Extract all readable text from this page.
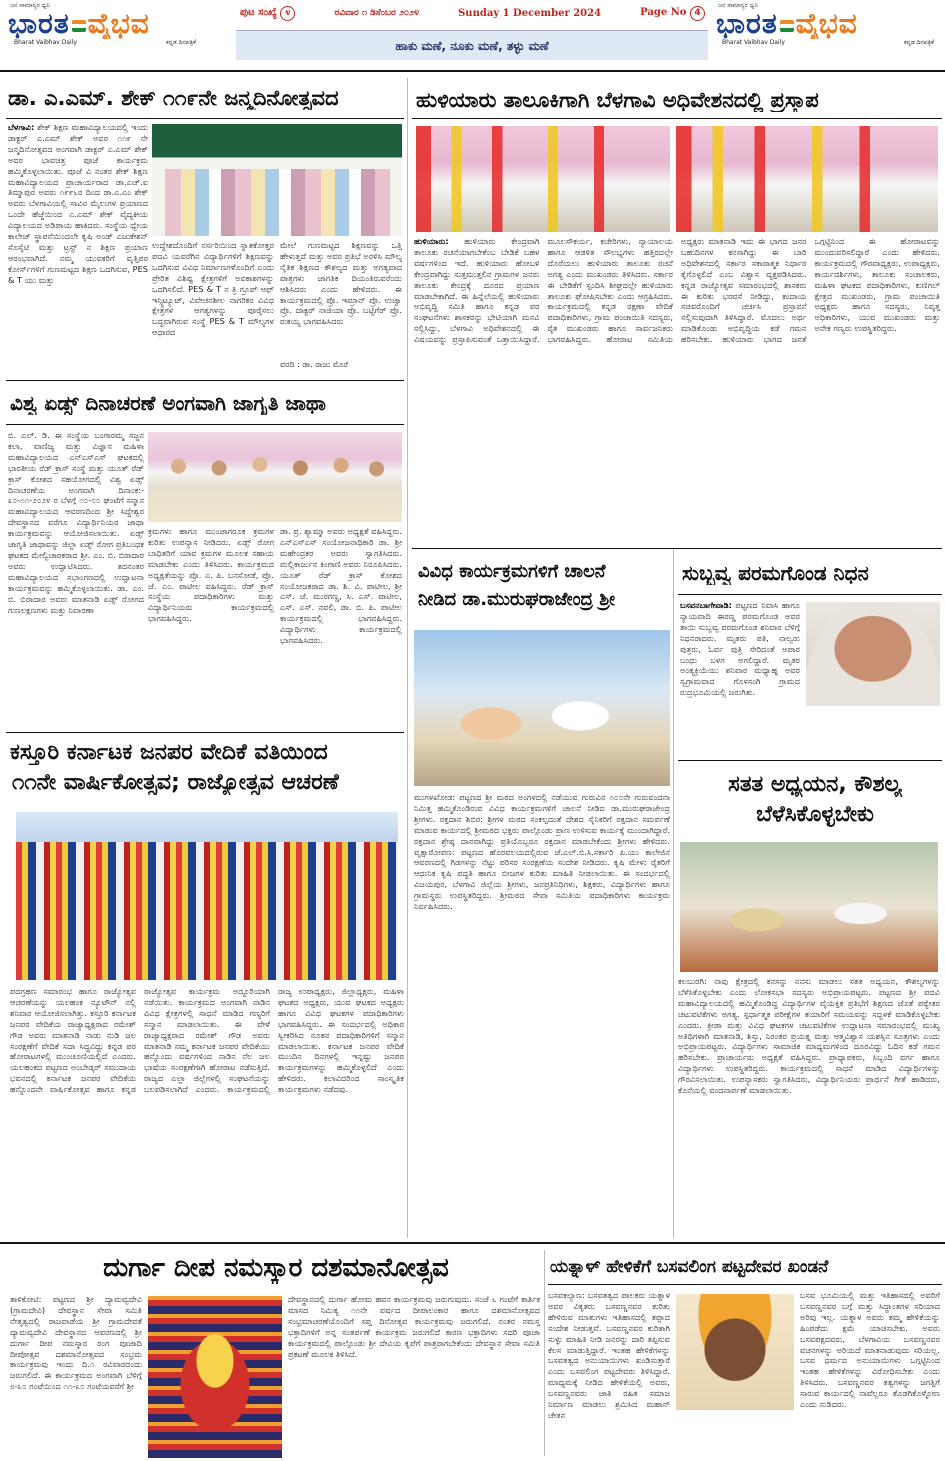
ಜನ ಸಾಮಾನ್ಯರ ಧ್ವನಿ
ಭಾರತ ವೈಭವ
Bharat Vaibhav Daily	ಕನ್ನಡ ದಿನಪತ್ರಿಕೆ
ಪುಟ ಸಂಖ್ಯೆ ೪	ರವಿವಾರ ೧ ಡಿಸೆಂಬರ ೨೦೨೪	Sunday 1 December 2024	Page No 4
ಹಾಕು ಮಣೆ, ನೂಕು ಮಣೆ, ತಳ್ಳು ಮಣೆ
ಜನ ಸಾಮಾನ್ಯರ ಧ್ವನಿ
ಭಾರತ ವೈಭವ
Bharat Vaibhav Daily	ಕನ್ನಡ ದಿನಪತ್ರಿಕೆ
ಡಾ. ಎ.ಎಮ್. ಶೇಕ್ ೧೧೯ನೇ ಜನ್ಮದಿನೋತ್ಸವದ
ಬೆಳಗಾವಿ: ಶೇಕ್ ಶಿಕ್ಷಣ ಮಹಾವಿದ್ಯಾಲಯದಲ್ಲಿ ಇಂದು ಡಾಕ್ಟರ್ ಎ.ಎಮ್ ಶೇಕ್ ಅವರ ೧೧೯ ನೇ ಜನ್ಮದಿನೋತ್ಸವದ ಅಂಗವಾಗಿ ಡಾಕ್ಟರ್ ಎ.ಎಮ್ ಶೇಕ್ ಅವರ ಭಾವಚಿತ್ರ ಪೂಜೆ ಕಾರ್ಯಕ್ರಮ ಹಮ್ಮಿಕೊಳ್ಳಲಾಯಿತು. ಪೂಜೆ ವಿ ನಂತರ ಶೇಕ್ ಶಿಕ್ಷಣ ಮಹಾವಿದ್ಯಾಲಯದ ಪ್ರಾಚಾರ್ಯರಾದ ಡಾ.ಎಚ್.ಐ ತಿಮ್ಮಾಪುರ ಅವರು ೧೯೯೬ರ ದಿಂದ ಡಾ.ಎ.ಎಂ ಶೇಕ್ ಅವರು ಬೆಳಗಾವಿಯಲ್ಲಿ ಸಾವಿರ ಮೈಲುಗಳ ಪ್ರಯಾಣದ ಒಂದೇ ಹೆಜ್ಜೆಯಿಂದ ಎ.ಎಮ್ ಶೇಕ್ ವೈದ್ಯಕೀಯ ವಿದ್ಯಾಲಯದ ಅಡಿಪಾಯ ಹಾಕಿದರು. ಸಂಸ್ಥೆಯ ಧ್ಯೇಯ ಕಾಲೇಜ್ ಸ್ಥಾಪನೆಯಿಂದಲೇ ಕೃಷಿ ಅಂಡ್ ಎಜುಕೇಶನ್ ಸೊಸೈಟಿ ಮತ್ತು ಟ್ರಸ್ಟ್ ನ ಶಿಕ್ಷಣ ಪ್ರಯಾಣ ಆರಂಭವಾಗಿದೆ. ನಮ್ಮ ಯುವಕರಿಗೆ ವೃತ್ತಿಪರ ಕೋರ್ಸ್‌ಗಳಿಗೆ ಗುಣಮಟ್ಟದ ಶಿಕ್ಷಣ ಒದಗಿಸುವ, PES & T ಯು ಮತ್ತು
ಉದ್ದೇಶದೊಂದಿಗೆ ನರ್ಸರಿಯಿಂದ ಸ್ನಾತಕೋತ್ತರ ಪದವಿ ಯವರೆಗಿನ ವಿದ್ಯಾರ್ಥಿಗಳಿಗೆ ಶಿಕ್ಷಣವನ್ನು ಒದಗಿಸುವ ವಿವಿಧ ನಿರ್ಮಾಣಗಳೊಂದಿಗೆ ಎಂದು ಪ್ರೇರಿತ ವಿಶಿಷ್ಟ ಕ್ಷೇತ್ರಗಳಿಗೆ ಅವಕಾಶಗಳನ್ನು ಒದಗಿಸಲಿದೆ. PES & T ನ ತ್ರಿ ಗ್ರೂಪ್ ಆಫ್ ಇನ್ಸ್ಟಿಟ್ಯೂಟ್, ವಿವೇಚನಶೀಲ ನಾಗರಿಕರ ವಿವಿಧ ಕ್ಷೇತ್ರಗಳ ಆಗತ್ಯಗಳನ್ನು ಪೂರೈಸಲು ಬದ್ಧವಾಗಿರುವ ಸಂಸ್ಥೆ PES & T ಮೌಲ್ಯಗಳ ಆಧಾರದ
ಮೇಲೆ ಗುಣಮಟ್ಟದ ಶಿಕ್ಷಣವನ್ನು ಒತ್ತಿ ಹೇಳುತ್ತದೆ ಮತ್ತು ಅವರ ಪ್ರತಿಭೆ ಅರಳಿಸಿ ಮೌಲ್ಯ ನೈತಿಕ ಶಿಕ್ಷಣದ ಕೌಶಲ್ಯದ ಮತ್ತು ಅಗತ್ಯವಾದ ಪಾತ್ರಗಳು ಜಾಗತಿಕ ದಿಯಂತಿರುವರೆಂದು ಆಶಿಸಿದರು ಎಂದು ಹೇಳಿದರು. ಈ ಕಾರ್ಯಕ್ರಮದಲ್ಲಿ ಪ್ರೊ. ಇಮ್ರಾನ್ ಪ್ರೊ. ಉಜ್ವಾ ಪ್ರೊ. ದಾಕ್ಟರ್ ನಾಜಿಯಾ ಪ್ರೊ. ಬಟ್ಟಿಗೆರ್ ಪ್ರೊ. ರುಕಯ್ಯ ಭಾಗವಹಿಸಿದರು
ವರದಿ : ಡಾ. ರಾಜು ಮೊರೆ
ವಿಶ್ವ ಏಡ್ಸ್ ದಿನಾಚರಣೆ ಅಂಗವಾಗಿ ಜಾಗೃತಿ ಜಾಥಾ
ಬಿ. ಎಲ್. ಡಿ. ಈ ಸಂಸ್ಥೆಯ ಬಂಗಾರಮ್ಮ ಸಜ್ಜನ ಕಲಾ, ವಾಣಿಜ್ಯ ಮತ್ತು ವಿಜ್ಞಾನ ಮಹಿಳಾ ಮಹಾವಿದ್ಯಾಲಯದ ಎನ್ಎಸ್ಎಸ್ ಘಟಕದಲ್ಲಿ ಭಾರತೀಯ ರೆಡ್ ಕ್ರಾಸ್ ಸಂಸ್ಥೆ ಮತ್ತು ಯೂತ್ ರೆಡ್ ಕ್ರಾಸ್ ಕೋಶದ ಸಹಯೋಗದಲ್ಲಿ ವಿಶ್ವ ಏಡ್ಸ್ ದಿನಾಚರಣೆಯ ಅಂಗವಾಗಿ ದಿನಾಂಕ:- ೩೦-೧೧-೨೦೨೪ ರ ಬೆಳಗ್ಗೆ ೧೦-೦೦ ಘಂಟೆಗೆ ಸನ್ಮಾನ ಮಹಾವಿದ್ಯಾಲಯದ ಆವರಣದಿಂದ ಶ್ರೀ ಸಿದ್ದೇಶ್ವರ ದೇವಸ್ಥಾನದ ವರೆಗೂ ವಿದ್ಯಾರ್ಥಿನಿಯರ ಜಾಥಾ ಕಾರ್ಯಕ್ರಮವನ್ನು ಆಯೋಜಿಸಲಾಯಿತು. ಏಡ್ಸ್ ಜಾಗೃತಿ ಜಾಥಾವನ್ನು ಜಿಲ್ಲಾ ಏಡ್ಸ್ ರೋಗ ಪ್ರತಿಬಂಧಕ ಘಟಕದ ಮೇಲ್ವಿಚಾರಕರಾದ ಶ್ರೀ. ಎಂ. ಬಿ. ಬಿರಾದಾರ ಅವರು ಉದ್ಘಾಟಿಸಿದರು. ತದನಂತರ ಮಹಾವಿದ್ಯಾಲಯದ ಸಭಾಂಗಣದಲ್ಲಿ ಉದ್ಘಾಟನಾ ಕಾರ್ಯಕ್ರಮವನ್ನು ಹಮ್ಮಿಕೊಳ್ಳಲಾಯಿತು. ಡಾ. ಎಂ. ಬಿ. ಬಿರಾದಾರ ಅವರು ಮಾತನಾಡಿ ಏಡ್ಸ್ ರೋಗದ ಗುಣಲಕ್ಷಣಗಳು ಮತ್ತು ನಿವಾರಣಾ
ಕ್ರಮಗಳು ಹಾಗೂ ಮುಂಜಾಗರೂಕ ಕ್ರಮಗಳ ಕುರಿತು ಉಪನ್ಯಾಸ ನೀಡಿದರು. ಏಡ್ಸ್ ರೋಗ ಬಾಧಿತರಿಗೆ ಯಾವ ಕ್ರಮಗಳ ಮೂಲಕ ಸಹಾಯ ಮಾಡಬೇಕು ಎಂದು ತಿಳಿಸಿದರು. ಕಾರ್ಯಕ್ರಮದ ಅಧ್ಯಕ್ಷತೆಯನ್ನು ಪ್ರೊ. ಎ. ಪಿ. ಬನಸೋಡೆ, ಪ್ರೊ. ಜೆ. ಎಂ. ಪಾಟೀಲ ವಹಿಸಿದ್ದರು. ರೆಡ್ ಕ್ರಾಸ್ ಸಂಸ್ಥೆಯ ಪದಾಧಿಕಾರಿಗಳು ಮತ್ತು ವಿದ್ಯಾರ್ಥಿನಿಯರು ಕಾರ್ಯಕ್ರಮದಲ್ಲಿ ಭಾಗವಹಿಸಿದ್ದರು.
ಡಾ. ಪ್ರ. ಶ್ಯಾಮ್ಮಾ ಅವರು ಅಧ್ಯಕ್ಷತೆ ವಹಿಸಿದ್ದರು. ಎನ್ಎಸ್ಎಸ್ ಸಂಯೋಜನಾಧಿಕಾರಿ ಡಾ. ಶ್ರೀ ಮಹೇಂದ್ರಕರ ಅವರು ಸ್ವಾಗತಿಸಿದರು. ಮಲ್ಲಿಕಾರ್ಜುನ ಕಿಂಗಾಣಿ ಅವರು ನಿರೂಪಿಸಿದರು. ಯೂತ್ ರೆಡ್ ಕ್ರಾಸ್ ಕೋಶದ ಸಂಯೋಜಕರಾದ ಡಾ. ಶಿ. ವಿ. ಪಾಟೀಲ, ಶ್ರೀ ಎಸ್. ಜೆ. ಮುರಗಣ್ಣ, ಸಿ. ಎಸ್. ಪಾಟೀಲ, ಎಸ್. ಎಸ್. ನವಲಿ, ಡಾ. ಬಿ. ಪಿ. ಪಾಟೀಲ ಕಾರ್ಯಕ್ರಮದಲ್ಲಿ ಭಾಗವಹಿಸಿದ್ದರು. ವಿದ್ಯಾರ್ಥಿಗಳು ಕಾರ್ಯಕ್ರಮದಲ್ಲಿ ಭಾಗವಹಿಸಿದರು.
ಕಸ್ತೂರಿ ಕರ್ನಾಟಕ ಜನಪರ ವೇದಿಕೆ ವತಿಯಿಂದ
೧೧ನೇ ವಾರ್ಷಿಕೋತ್ಸವ; ರಾಜ್ಯೋತ್ಸವ ಆಚರಣೆ
ಪದಗ್ರಹಣ ಸಮಾರಂಭ ಹಾಗೂ ರಾಜ್ಯೋತ್ಸವ ಆಚರಣೆಯನ್ನು ಯಲಹಂಕ ನ್ಯೂಟೌನ್ ನಲ್ಲಿ ಶನಿವಾರ ಆಯೋಜಿಸಲಾಗಿತ್ತು. ಕಸ್ತೂರಿ ಕರ್ನಾಟಕ ಜನಪರ ವೇದಿಕೆಯ ರಾಜ್ಯಾಧ್ಯಕ್ಷರಾದ ರಮೇಶ್ ಗೌಡ ಅವರು ಮಾತನಾಡಿ ನಾಡು ನುಡಿ ಜಲ ಸಂರಕ್ಷಣೆಗೆ ವೇದಿಕೆ ಸದಾ ಸಿದ್ಧವಿದ್ದು ಕನ್ನಡ ಪರ ಹೋರಾಟಗಳಲ್ಲಿ ಮುಂಚೂಣಿಯಲ್ಲಿದೆ ಎಂದರು. ಯಲಹಂಕದ ಪಟ್ಟಣದ ಅಂಬೇಡ್ಕರ್ ಸಮುದಾಯ ಭವನದಲ್ಲಿ ಕರ್ನಾಟಕ ಜನಪರ ವೇದಿಕೆಯ ಹನ್ನೊಂದನೇ ವಾರ್ಷಿಕೋತ್ಸವ ಹಾಗೂ ಕನ್ನಡ ರಾಜ್ಯೋತ್ಸವ ಕಾರ್ಯಕ್ರಮ ಅದ್ದೂರಿಯಾಗಿ ನಡೆಯಿತು. ಕಾರ್ಯಕ್ರಮದ ಅಂಗವಾಗಿ ನಾಡಿನ ವಿವಿಧ ಕ್ಷೇತ್ರಗಳಲ್ಲಿ ಸಾಧನೆ ಮಾಡಿದ ಗಣ್ಯರಿಗೆ ಸನ್ಮಾನ ಮಾಡಲಾಯಿತು. ಈ ವೇಳೆ ರಾಜ್ಯಾಧ್ಯಕ್ಷರಾದ ರಮೇಶ್ ಗೌಡ ಅವರು ಮಾತನಾಡಿ ನಮ್ಮ ಕರ್ನಾಟಕ ಜನಪರ ವೇದಿಕೆಯು ಹನ್ನೊಂದು ವರ್ಷಗಳಿಂದ ನಾಡಿನ ನೆಲ ಜಲ ಭಾಷೆಯ ಸಂರಕ್ಷಣೆಗಾಗಿ ಹೋರಾಟ ನಡೆಸುತ್ತಿದೆ. ರಾಜ್ಯದ ಎಲ್ಲಾ ಜಿಲ್ಲೆಗಳಲ್ಲಿ ಸಂಘಟನೆಯನ್ನು ಬಲಪಡಿಸಲಾಗಿದೆ ಎಂದರು. ಕಾರ್ಯಕ್ರಮದಲ್ಲಿ ರಾಜ್ಯ ಉಪಾಧ್ಯಕ್ಷರು, ಜಿಲ್ಲಾಧ್ಯಕ್ಷರು, ಮಹಿಳಾ ಘಟಕದ ಅಧ್ಯಕ್ಷರು, ಯುವ ಘಟಕದ ಅಧ್ಯಕ್ಷರು ಹಾಗೂ ವಿವಿಧ ಘಟಕಗಳ ಪದಾಧಿಕಾರಿಗಳು ಭಾಗವಹಿಸಿದ್ದರು. ಈ ಸಂದರ್ಭದಲ್ಲಿ ಅಧಿಕಾರ ಸ್ವೀಕರಿಸಿದ ನೂತನ ಪದಾಧಿಕಾರಿಗಳಿಗೆ ಸನ್ಮಾನ ಮಾಡಲಾಯಿತು. ಕರ್ನಾಟಕ ಜನಪರ ವೇದಿಕೆ ಮುಂದಿನ ದಿನಗಳಲ್ಲಿ ಇನ್ನಷ್ಟು ಜನಪರ ಕಾರ್ಯಕ್ರಮಗಳನ್ನು ಹಮ್ಮಿಕೊಳ್ಳಲಿದೆ ಎಂದು ಹೇಳಿದರು. ಕಲಾವಿದರಿಂದ ಸಾಂಸ್ಕೃತಿಕ ಕಾರ್ಯಕ್ರಮಗಳು ನಡೆದವು.
ಹುಳಿಯಾರು ತಾಲೂಕಿಗಾಗಿ ಬೆಳಗಾವಿ ಅಧಿವೇಶನದಲ್ಲಿ ಪ್ರಸ್ತಾಪ
ಹುಳಿಯಾರು: ಹುಳಿಯಾರು ಕೇಂದ್ರವಾಗಿ ತಾಲೂಕು ರಚನೆಯಾಗಬೇಕೆಂಬ ಬೇಡಿಕೆ ಬಹಳ ವರ್ಷಗಳಿಂದ ಇದೆ. ಹುಳಿಯಾರು ಹೋಬಳಿ ಕೇಂದ್ರವಾಗಿದ್ದು ಸುತ್ತಮುತ್ತಲಿನ ಗ್ರಾಮಗಳ ಜನರು ತಾಲೂಕು ಕೇಂದ್ರಕ್ಕೆ ದೂರದ ಪ್ರಯಾಣ ಮಾಡಬೇಕಾಗಿದೆ. ಈ ಹಿನ್ನೆಲೆಯಲ್ಲಿ ಹುಳಿಯಾರು ಅಭಿವೃದ್ಧಿ ಸಮಿತಿ ಹಾಗೂ ಕನ್ನಡ ಪರ ಸಂಘಟನೆಗಳು ಶಾಸಕರನ್ನು ಭೇಟಿಯಾಗಿ ಮನವಿ ಸಲ್ಲಿಸಿದ್ದು, ಬೆಳಗಾವಿ ಅಧಿವೇಶನದಲ್ಲಿ ಈ ವಿಷಯವನ್ನು ಪ್ರಸ್ತಾಪಿಸುವಂತೆ ಒತ್ತಾಯಿಸಿದ್ದಾರೆ. ಮೂಲಸೌಕರ್ಯ, ಕಚೇರಿಗಳು, ನ್ಯಾಯಾಲಯ ಹಾಗೂ ಆಡಳಿತ ಸೌಲಭ್ಯಗಳು ಹತ್ತಿರದಲ್ಲೇ ದೊರೆಯಲು ಹುಳಿಯಾರು ತಾಲೂಕು ರಚನೆ ಅಗತ್ಯ ಎಂದು ಮುಖಂಡರು ತಿಳಿಸಿದರು. ಸರ್ಕಾರ ಈ ಬೇಡಿಕೆಗೆ ಸ್ಪಂದಿಸಿ ಶೀಘ್ರದಲ್ಲೇ ಹುಳಿಯಾರು ತಾಲೂಕು ಘೋಷಿಸಬೇಕು ಎಂದು ಆಗ್ರಹಿಸಿದರು. ಕಾರ್ಯಕ್ರಮದಲ್ಲಿ ಕನ್ನಡ ರಕ್ಷಣಾ ವೇದಿಕೆ ಪದಾಧಿಕಾರಿಗಳು, ಗ್ರಾಮ ಪಂಚಾಯಿತಿ ಸದಸ್ಯರು, ರೈತ ಮುಖಂಡರು ಹಾಗೂ ಸಾರ್ವಜನಿಕರು ಭಾಗವಹಿಸಿದ್ದರು. ಹೋರಾಟ ಸಮಿತಿಯ ಅಧ್ಯಕ್ಷರು ಮಾತನಾಡಿ ಇದು ಈ ಭಾಗದ ಜನರ ಬಹುದಿನಗಳ ಕನಸಾಗಿದ್ದು ಈ ಬಾರಿ ಅಧಿವೇಶನದಲ್ಲಿ ಸರ್ಕಾರ ಸಕಾರಾತ್ಮಕ ನಿರ್ಧಾರ ಕೈಗೊಳ್ಳಲಿದೆ ಎಂಬ ವಿಶ್ವಾಸ ವ್ಯಕ್ತಪಡಿಸಿದರು. ಕನ್ನಡ ರಾಜ್ಯೋತ್ಸವ ಸಮಾರಂಭದಲ್ಲಿ ಶಾಸಕರು ಈ ಕುರಿತು ಭರವಸೆ ನೀಡಿದ್ದು, ಕಂದಾಯ ಸಚಿವರೊಂದಿಗೆ ಚರ್ಚಿಸಿ ಪ್ರಸ್ತಾವನೆ ಸಲ್ಲಿಸುವುದಾಗಿ ತಿಳಿಸಿದ್ದಾರೆ. ಮೊದಲು ಅರ್ಥ ಮಾಡಿಕೊಂಡು ಅಭಿವೃದ್ಧಿಯ ಕಡೆ ಗಮನ ಹರಿಸಬೇಕು. ಹುಳಿಯಾರು ಭಾಗದ ಜನತೆ ಒಗ್ಗಟ್ಟಿನಿಂದ ಈ ಹೋರಾಟವನ್ನು ಮುಂದುವರಿಸಲಿದ್ದಾರೆ ಎಂದು ಹೇಳಿದರು. ಕಾರ್ಯಕ್ರಮದಲ್ಲಿ ಗೌರವಾಧ್ಯಕ್ಷರು, ಉಪಾಧ್ಯಕ್ಷರು, ಕಾರ್ಯದರ್ಶಿಗಳು, ತಾಲೂಕು ಸಂಚಾಲಕರು, ಮಹಿಳಾ ಘಟಕದ ಪದಾಧಿಕಾರಿಗಳು, ಕುಣಿಗಲ್ ಕ್ಷೇತ್ರದ ಮುಖಂಡರು, ಗ್ರಾಮ ಪಂಚಾಯಿತಿ ಅಧ್ಯಕ್ಷರು ಹಾಗೂ ಸದಸ್ಯರು, ನಿವೃತ್ತ ಅಧಿಕಾರಿಗಳು, ಯುವ ಮುಖಂಡರು ಮತ್ತು ಅನೇಕ ಗಣ್ಯರು ಉಪಸ್ಥಿತರಿದ್ದರು.
ವಿವಿಧ ಕಾರ್ಯಕ್ರಮಗಳಿಗೆ ಚಾಲನೆ
ನೀಡಿದ ಡಾ.ಮುರುಘರಾಜೇಂದ್ರ ಶ್ರೀ
ಮುಗಳಖೋಡ: ಪಟ್ಟಣದ ಶ್ರೀ ಮಠದ ಅಂಗಳದಲ್ಲಿ ನಡೆಯುವ ಗುರುವಿನ ೧೦೦ನೇ ಗುರುವಂದನಾ ನಿಮಿತ್ತ ಹಮ್ಮಿಕೊಂಡಿರುವ ವಿವಿಧ ಕಾರ್ಯಕ್ರಮಗಳಿಗೆ ಚಾಲನೆ ನೀಡಿದ ಡಾ.ಮುರುಘರಾಜೇಂದ್ರ ಶ್ರೀಗಳು. ರಕ್ತದಾನ ಶಿಬಿರ: ಶ್ರೀಗಳ ಮಠದ ಸಂಕಲ್ಪದಂತೆ ದೇಶದ ಸೈನಿಕರಿಗೆ ರಕ್ತದಾನ ಸಮರ್ಪಣೆ ಮಾಡುವ ಕಾರ್ಯದಲ್ಲಿ ಶ್ರೀಮಠದ ಭಕ್ತರು ಪಾಲ್ಗೊಂಡು ಪ್ರಾಣ ಉಳಿಸುವ ಕಾರ್ಯಕ್ಕೆ ಮುಂದಾಗಿದ್ದಾರೆ. ರಕ್ತದಾನ ಶ್ರೇಷ್ಠ ದಾನವಾಗಿದ್ದು ಪ್ರತಿಯೊಬ್ಬರೂ ರಕ್ತದಾನ ಮಾಡಬೇಕೆಂದು ಶ್ರೀಗಳು ಹೇಳಿದರು. ವೃಕ್ಷಾರೋಪಣ: ಪಟ್ಟಣದ ಹೊರವಲಯದಲ್ಲಿರುವ ಜೆ.ಎಲ್.ಬಿ.ಸಿ.ಸರ್ಕಾರಿ ಪಿ.ಯು ಕಾಲೇಜಿನ ಆವರಣದಲ್ಲಿ ಗಿಡಗಳನ್ನು ನೆಟ್ಟು ಪರಿಸರ ಸಂರಕ್ಷಣೆಯ ಸಂದೇಶ ನೀಡಿದರು. ಕೃಷಿ ಮೇಳ: ರೈತರಿಗೆ ಆಧುನಿಕ ಕೃಷಿ ಪದ್ಧತಿ ಹಾಗೂ ಬೀಜಗಳ ಕುರಿತು ಮಾಹಿತಿ ನೀಡಲಾಯಿತು. ಈ ಸಂದರ್ಭದಲ್ಲಿ ವಿಜಯಪುರ, ಬೆಳಗಾವಿ ಜಿಲ್ಲೆಯ ಶ್ರೀಗಳು, ಜನಪ್ರತಿನಿಧಿಗಳು, ಶಿಕ್ಷಕರು, ವಿದ್ಯಾರ್ಥಿಗಳು ಹಾಗೂ ಗ್ರಾಮಸ್ಥರು ಉಪಸ್ಥಿತರಿದ್ದರು. ಶ್ರೀಮಠದ ಸೇವಾ ಸಮಿತಿಯ ಪದಾಧಿಕಾರಿಗಳು ಕಾರ್ಯಕ್ರಮ ನಿರ್ವಹಿಸಿದರು.
ಸುಬ್ಬವ್ವ ಪರಮಗೊಂಡ ನಿಧನ
ಬಸವನಬಾಗೇವಾಡಿ: ಪಟ್ಟಣದ ನಿವಾಸಿ ಹಾಗೂ ನ್ಯಾಯವಾದಿ ಈರಣ್ಣ ಪರಮಗೊಂಡ ಅವರ ತಾಯಿ ಸುಬ್ಬವ್ವ ಪರಮಗೊಂಡ ಶನಿವಾರ ಬೆಳಿಗ್ಗೆ ನಿಧನರಾದರು. ಮೃತರು ಪತಿ, ನಾಲ್ವರು ಪುತ್ರರು, ಓರ್ವ ಪುತ್ರಿ ಸೇರಿದಂತೆ ಅಪಾರ ಬಂಧು ಬಳಗ ಅಗಲಿದ್ದಾರೆ. ಮೃತರ ಅಂತ್ಯಕ್ರಿಯೆಯು ಶನಿವಾರ ಮಧ್ಯಾಹ್ನ ಅವರ ಸ್ವಗ್ರಾಮವಾದ ಗೊಳಸಂಗಿ ಗ್ರಾಮದ ರುದ್ರಭೂಮಿಯಲ್ಲಿ ಜರುಗಿತು.
ಸತತ ಅಧ್ಯಯನ, ಕೌಶಲ್ಯ
ಬೆಳೆಸಿಕೊಳ್ಳಬೇಕು
ಕಲಬುರಗಿ: ನಾವು ಕ್ಷೇತ್ರದಲ್ಲಿ ಕನಸನ್ನು ನನಸು ಮಾಡಲು ಸತತ ಅಧ್ಯಯನ, ಕೌಶಲ್ಯಗಳನ್ನು ಬೆಳೆಸಿಕೊಳ್ಳಬೇಕು ಎಂದು ಲೋಕಸಭಾ ಸದಸ್ಯರು ಅಭಿಪ್ರಾಯಪಟ್ಟರು. ಪಟ್ಟಣದ ಶ್ರೀ ಪದವಿ ಮಹಾವಿದ್ಯಾಲಯದಲ್ಲಿ ಹಮ್ಮಿಕೊಂಡಿದ್ದ ವಿದ್ಯಾರ್ಥಿಗಳ ವೈಯಕ್ತಿಕ ಪ್ರತಿಭೆಗೆ ಶಿಕ್ಷಣದ ಜೊತೆ ಪಠ್ಯೇತರ ಚಟುವಟಿಕೆಗಳು ಅಗತ್ಯ. ಸ್ಪರ್ಧಾತ್ಮಕ ಪರೀಕ್ಷೆಗಳ ತಯಾರಿಗೆ ಸಮಯವನ್ನು ಸದ್ಬಳಕೆ ಮಾಡಿಕೊಳ್ಳಬೇಕು ಎಂದರು. ಕ್ರೀಡಾ ಮತ್ತು ವಿವಿಧ ಘಟಕಗಳ ಚಟುವಟಿಕೆಗಳ ಉದ್ಘಾಟನಾ ಸಮಾರಂಭದಲ್ಲಿ ಮುಖ್ಯ ಅತಿಥಿಗಳಾಗಿ ಮಾತನಾಡಿ, ಶಿಸ್ತು, ನಿರಂತರ ಪ್ರಯತ್ನ ಮತ್ತು ಆತ್ಮವಿಶ್ವಾಸ ಯಶಸ್ಸಿನ ಸೂತ್ರಗಳು ಎಂದು ಅಭಿಪ್ರಾಯಪಟ್ಟರು. ವಿದ್ಯಾರ್ಥಿಗಳು ಸಾಮಾಜಿಕ ಮಾಧ್ಯಮಗಳಿಂದ ದೂರವಿದ್ದು ಓದಿನ ಕಡೆ ಗಮನ ಹರಿಸಬೇಕು. ಪ್ರಾಚಾರ್ಯರು ಅಧ್ಯಕ್ಷತೆ ವಹಿಸಿದ್ದರು. ಪ್ರಾಧ್ಯಾಪಕರು, ಸಿಬ್ಬಂದಿ ವರ್ಗ ಹಾಗೂ ವಿದ್ಯಾರ್ಥಿಗಳು ಉಪಸ್ಥಿತರಿದ್ದರು. ಕಾರ್ಯಕ್ರಮದಲ್ಲಿ ಸಾಧನೆ ಮಾಡಿದ ವಿದ್ಯಾರ್ಥಿಗಳನ್ನು ಗೌರವಿಸಲಾಯಿತು. ಉಪನ್ಯಾಸಕರು ಸ್ವಾಗತಿಸಿದರು, ವಿದ್ಯಾರ್ಥಿನಿಯರು ಪ್ರಾರ್ಥನೆ ಗೀತೆ ಹಾಡಿದರು, ಕೊನೆಯಲ್ಲಿ ವಂದನಾರ್ಪಣೆ ಮಾಡಲಾಯಿತು.
ದುರ್ಗಾ ದೀಪ ನಮಸ್ಕಾರ ದಶಮಾನೋತ್ಸವ
ತಾಳಿಕೋಟಿ: ಪಟ್ಟಣದ ಶ್ರೀ ದ್ಯಾಮವ್ವದೇವಿ (ಗ್ರಾಮದೇವಿ) ದೇವಸ್ಥಾನ ಸೇವಾ ಸಮಿತಿ ನೇತೃತ್ವದಲ್ಲಿ ರಾಜವಾಡೆಯ ಶ್ರೀ ಗ್ರಾಮದೇವತೆ ದ್ಯಾಮವ್ವದೇವಿ ದೇವಸ್ಥಾನದ ಆವರಣದಲ್ಲಿ ಶ್ರೀ ದುರ್ಗಾ ದೀಪ ನಮಸ್ಕಾರ ರಂಗ ಪೂಜಾದಿ ದೀಪೋತ್ಸವ ದಶಮಾನೋತ್ಸವದ ಸಂಭ್ರಮ ಕಾರ್ಯಕ್ರಮವು ಇಂದು ದಿ.೧ ರವಿವಾರದಂದು ಜರುಗಲಿದೆ. ಈ ಕಾರ್ಯಕ್ರಮದ ಅಂಗವಾಗಿ ಬೆಳಿಗ್ಗೆ ೮-೩೦ ಗಂಟೆಯಿಂದ ೧೧-೩೦ ಗಂಟೆಯವರೆಗೆ ಶ್ರೀ
ದೇವಸ್ಥಾನದಲ್ಲಿ ದುರ್ಗಾ ಹೋಮ ಹವನ ಕಾರ್ಯಕ್ರಮವು ಜರುಗುವುದು. ಸಂಜೆ ೬ ಗಂಟೆಗೆ ಕಾರ್ತಿಕ ಮಾಸದ ನಿಮಿತ್ಯ ೧೧ನೇ ವರ್ಷದ ದೀಪಾಲಂಕಾರ ಹಾಗೂ ದಶಮಾನೋತ್ಸವದ ಸಂಭ್ರಮಾಚರಣೆಯೊಂದಿಗೆ ಸಪ್ತ ದಿನೋತ್ಸವ ಕಾರ್ಯಕ್ರಮವು ಜರುಗಲಿದೆ. ನಂತರ ನಮಸ್ತ ಭಕ್ತಾದಿಗಳಿಗೆ ಅನ್ನ ಸಂತರ್ಪಣೆ ಕಾರ್ಯಕ್ರಮ ಜರುಗಲಿದೆ ಕಾರಣ ಭಕ್ತಾದಿಗಳು ಸದರಿ ಪೂಜಾ ಕಾರ್ಯಕ್ರಮದಲ್ಲಿ ಪಾಲ್ಗೊಂಡು ಶ್ರೀ ದೇವಿಯ ಕೃಪೆಗೆ ಪಾತ್ರರಾಗಬೇಕೆಂದು ದೇವಸ್ಥಾನ ಸೇವಾ ಸಮಿತಿ ಪ್ರಕಟಣೆ ಮೂಲಕ ತಿಳಿಸಿದೆ.
ಯತ್ನಾಳ್ ಹೇಳಿಕೆಗೆ ಬಸವಲಿಂಗ ಪಟ್ಟದೇವರ ಖಂಡನೆ
ಬಸವಕಲ್ಯಾಣ: ಬಸವತತ್ವದ ಪಾಲಕರು ಯತ್ನಾಳ ಅವರ ವಿಕೃತರು ಬಸವಣ್ಣನವರ ಕುರಿತು ಹೇಳಿರುವ ಮಾತುಗಳು ಇತಿಹಾಸದಲ್ಲಿ ತಪ್ಪಾದ ಸಂದೇಶ ನೀಡುತ್ತವೆ. ಬಸವಣ್ಣನವರ ಕುರಿತಾಗಿ ಸುಳ್ಳು ಮಾಹಿತಿ ನೀಡಿ ಜನರನ್ನು ದಾರಿ ತಪ್ಪಿಸುವ ಕೆಲಸ ಮಾಡುತ್ತಿದ್ದಾರೆ. ಇಂತಹ ಹೇಳಿಕೆಗಳನ್ನು ಬಸವತತ್ವದ ಅನುಯಾಯಿಗಳು ಖಂಡಿಸುತ್ತಾರೆ ಎಂದು ಬಸವಲಿಂಗ ಪಟ್ಟದೇವರು ತಿಳಿಸಿದ್ದಾರೆ. ಮಾಧ್ಯಮಕ್ಕೆ ನೀಡಿದ ಹೇಳಿಕೆಯಲ್ಲಿ ಅವರು, ಬಸವಣ್ಣನವರು ಜಾತಿ ರಹಿತ ಸಮಾಜ ನಿರ್ಮಾಣ ಮಾಡಲು ಶ್ರಮಿಸಿದ ಮಹಾನ್ ಚೇತನ
ಬಸವ ಭೂಮಿಯಲ್ಲಿ ಮತ್ತು ಇತಿಹಾಸದಲ್ಲಿ ಅವರಿಗೆ ಬಸವಣ್ಣನವರ ಬಗ್ಗೆ ಮತ್ತು ಸಿದ್ಧಾಂತಗಳ ಸರಿಯಾದ ಅರಿವು ಇಲ್ಲ. ಯತ್ನಾಳ ಅವರು ತಮ್ಮ ಹೇಳಿಕೆಯನ್ನು ಹಿಂಪಡೆದು ಕ್ಷಮೆ ಯಾಚಿಸಬೇಕು. ಅವರು ಬಸವಪಕ್ಷದವರು, ಬೆಳಗಾವಿಯ ಬಸವಣ್ಣನವರ ವಚನಗಳನ್ನು ಅರಿಯದೆ ಮಾತನಾಡುವುದು ಸರಿಯಲ್ಲ. ಬಸವ ಧರ್ಮದ ಅನುಯಾಯಿಗಳು ಒಗ್ಗಟ್ಟಿನಿಂದ ಇಂತಹ ಹೇಳಿಕೆಗಳನ್ನು ವಿರೋಧಿಸಬೇಕು ಎಂದು ತಿಳಿಸಿದರು. ಬಸವಣ್ಣನವರ ತತ್ವಗಳನ್ನು ಜಗತ್ತಿಗೆ ಸಾರುವ ಕಾರ್ಯದಲ್ಲಿ ನಾವೆಲ್ಲರೂ ತೊಡಗಿಕೊಳ್ಳೋಣ ಎಂದು ನುಡಿದರು.
